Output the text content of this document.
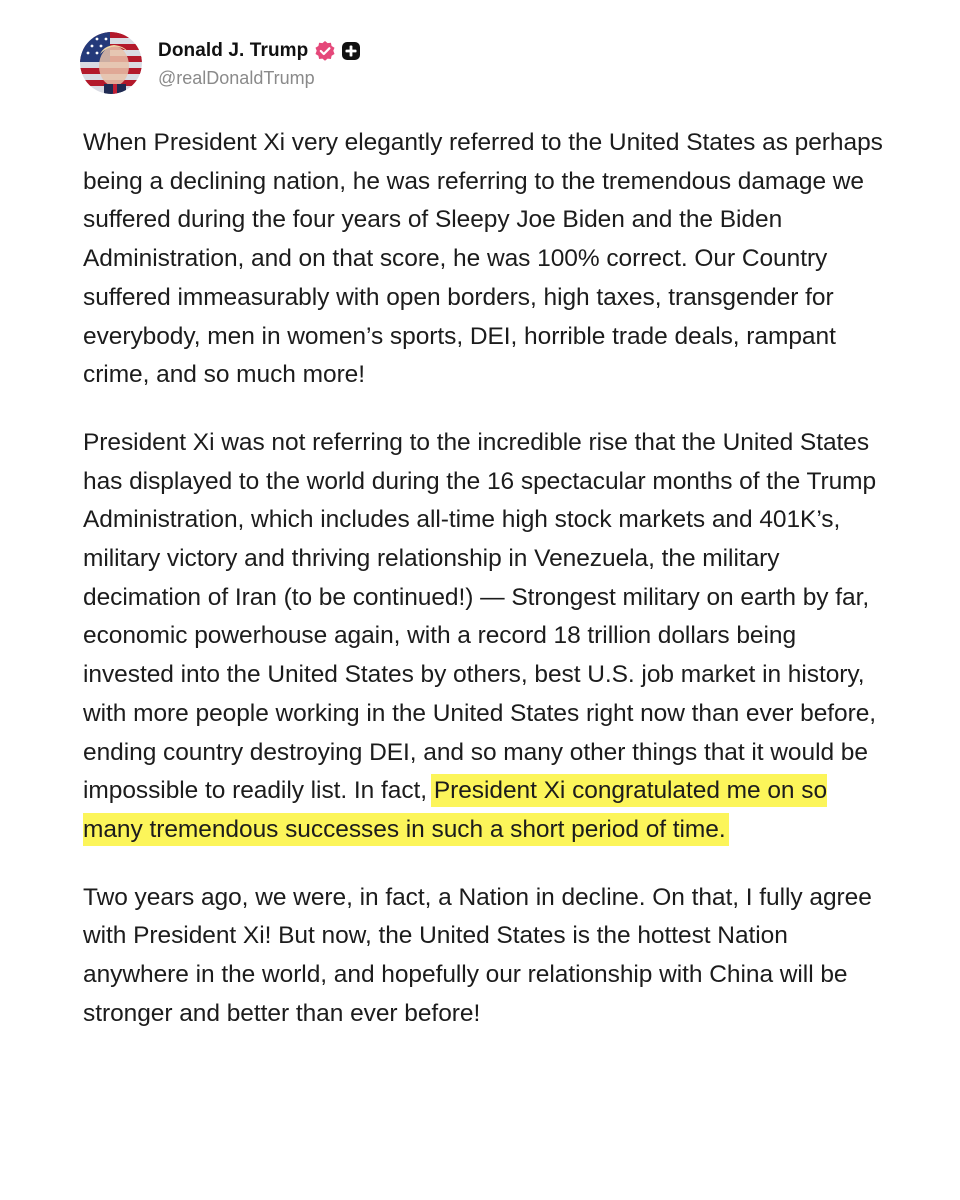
Donald J. Trump
@realDonaldTrump

When President Xi very elegantly referred to the United States as perhaps being a declining nation, he was referring to the tremendous damage we suffered during the four years of Sleepy Joe Biden and the Biden Administration, and on that score, he was 100% correct. Our Country suffered immeasurably with open borders, high taxes, transgender for everybody, men in women’s sports, DEI, horrible trade deals, rampant crime, and so much more!

President Xi was not referring to the incredible rise that the United States has displayed to the world during the 16 spectacular months of the Trump Administration, which includes all-time high stock markets and 401K’s, military victory and thriving relationship in Venezuela, the military decimation of Iran (to be continued!) — Strongest military on earth by far, economic powerhouse again, with a record 18 trillion dollars being invested into the United States by others, best U.S. job market in history, with more people working in the United States right now than ever before, ending country destroying DEI, and so many other things that it would be impossible to readily list. In fact, President Xi congratulated me on so many tremendous successes in such a short period of time.

Two years ago, we were, in fact, a Nation in decline. On that, I fully agree with President Xi! But now, the United States is the hottest Nation anywhere in the world, and hopefully our relationship with China will be stronger and better than ever before!
